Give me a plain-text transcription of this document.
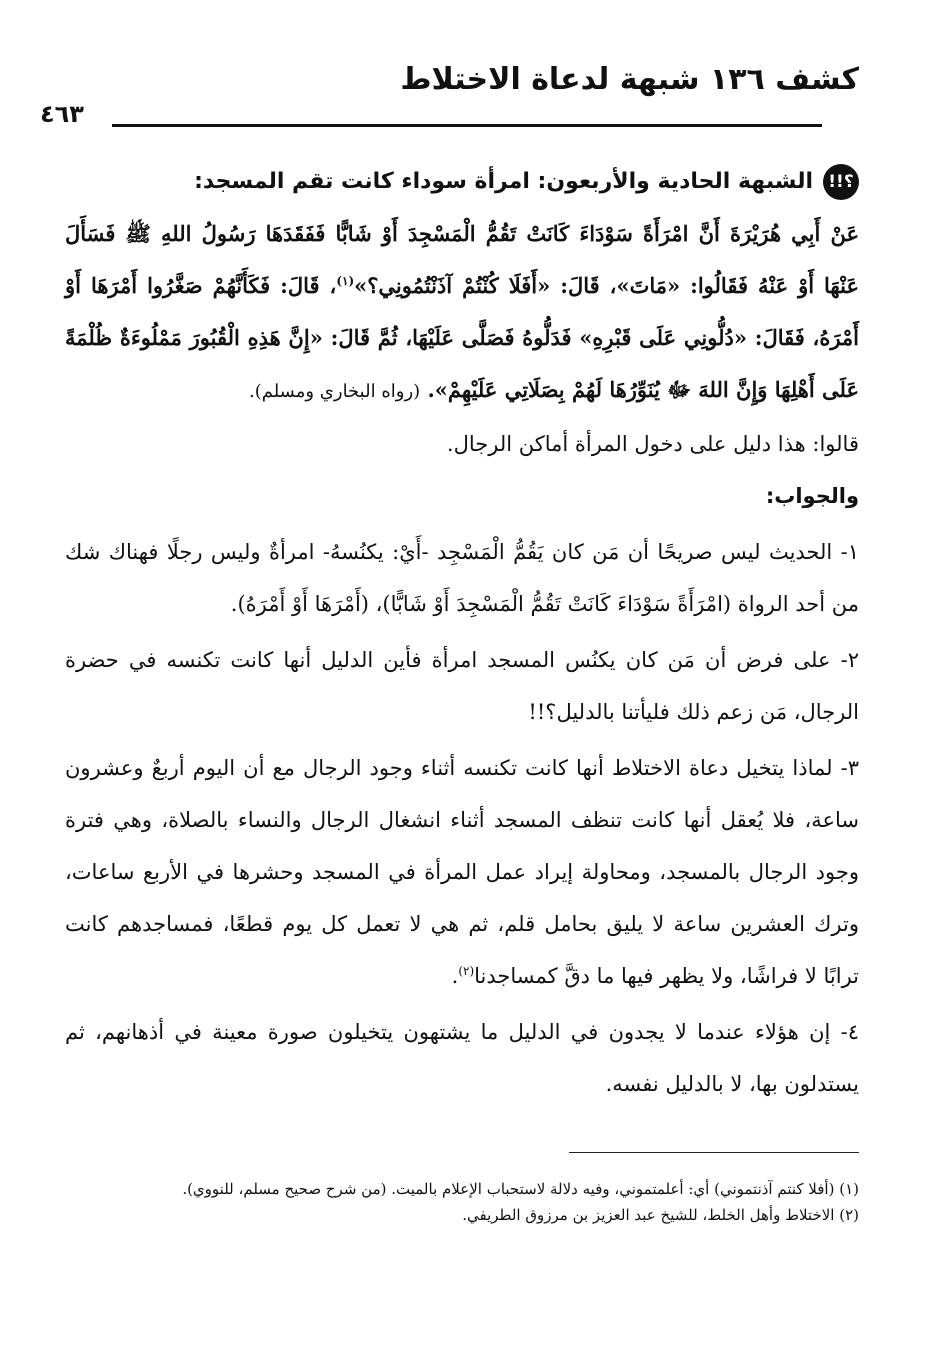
كشف ١٣٦ شبهة لدعاة الاختلاط
٤٦٣
!!؟
الشبهة الحادية والأربعون: امرأة سوداء كانت تقم المسجد:

عَنْ أَبِي هُرَيْرَةَ أَنَّ امْرَأَةً سَوْدَاءَ كَانَتْ تَقُمُّ الْمَسْجِدَ أَوْ شَابًّا فَفَقَدَهَا رَسُولُ اللهِ ﷺ فَسَأَلَ عَنْهَا أَوْ عَنْهُ فَقَالُوا: «مَاتَ»، قَالَ: «أَفَلَا كُنْتُمْ آذَنْتُمُونِي؟»$^{(١)}$، قَالَ: فَكَأَنَّهُمْ صَغَّرُوا أَمْرَهَا أَوْ أَمْرَهُ، فَقَالَ: «دُلُّونِي عَلَى قَبْرِهِ» فَدَلُّوهُ فَصَلَّى عَلَيْهَا، ثُمَّ قَالَ: «إِنَّ هَذِهِ الْقُبُورَ مَمْلُوءَةٌ ظُلْمَةً عَلَى أَهْلِهَا وَإِنَّ اللهَ ﷻ يُنَوِّرُهَا لَهُمْ بِصَلَاتِي عَلَيْهِمْ». (رواه البخاري ومسلم).

قالوا: هذا دليل على دخول المرأة أماكن الرجال.

والجواب:

١- الحديث ليس صريحًا أن مَن كان يَقُمُّ الْمَسْجِد -أَيْ: يكنُسهُ- امرأةٌ وليس رجلًا فهناك شك من أحد الرواة (امْرَأَةً سَوْدَاءَ كَانَتْ تَقُمُّ الْمَسْجِدَ أَوْ شَابًّا)، (أَمْرَهَا أَوْ أَمْرَهُ).

٢- على فرض أن مَن كان يكنُس المسجد امرأة فأين الدليل أنها كانت تكنسه في حضرة الرجال، مَن زعم ذلك فليأتنا بالدليل؟!!

٣- لماذا يتخيل دعاة الاختلاط أنها كانت تكنسه أثناء وجود الرجال مع أن اليوم أربعٌ وعشرون ساعة، فلا يُعقل أنها كانت تنظف المسجد أثناء انشغال الرجال والنساء بالصلاة، وهي فترة وجود الرجال بالمسجد، ومحاولة إيراد عمل المرأة في المسجد وحشرها في الأربع ساعات، وترك العشرين ساعة لا يليق بحامل قلم، ثم هي لا تعمل كل يوم قطعًا، فمساجدهم كانت ترابًا لا فراشًا، ولا يظهر فيها ما دقَّ كمساجدنا$^{(٢)}$.

٤- إن هؤلاء عندما لا يجدون في الدليل ما يشتهون يتخيلون صورة معينة في أذهانهم، ثم يستدلون بها، لا بالدليل نفسه.

(١) (أفلا كنتم آذنتموني) أي: أعلمتموني، وفيه دلالة لاستحباب الإعلام بالميت. (من شرح صحيح مسلم، للنووي).

(٢) الاختلاط وأهل الخلط، للشيخ عبد العزيز بن مرزوق الطريفي.
